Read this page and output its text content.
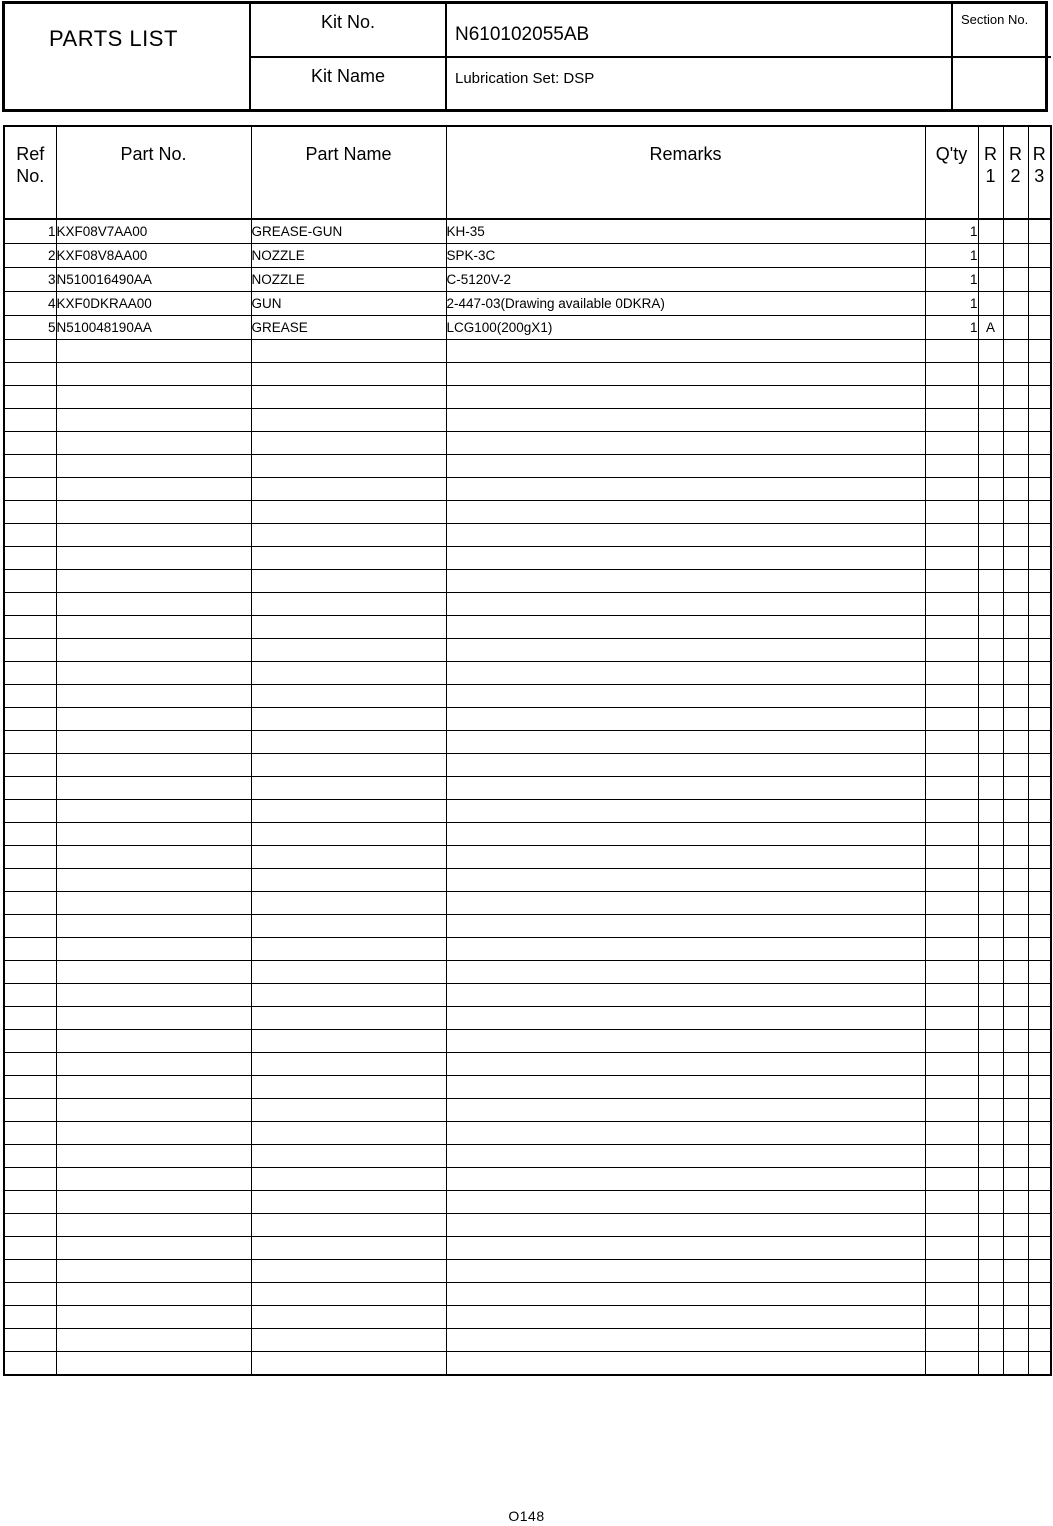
PARTS LIST
Kit No.
N610102055AB
Section No.
Kit Name	Lubrication Set: DSP
Ref No.	Part No.	Part Name	Remarks	Q'ty	R 1	R 2	R 3
1	KXF08V7AA00	GREASE-GUN	KH-35	1			
2	KXF08V8AA00	NOZZLE	SPK-3C	1			
3	N510016490AA	NOZZLE	C-5120V-2	1			
4	KXF0DKRAA00	GUN	2-447-03(Drawing available 0DKRA)	1			
5	N510048190AA	GREASE	LCG100(200gX1)	1	A		

O148
